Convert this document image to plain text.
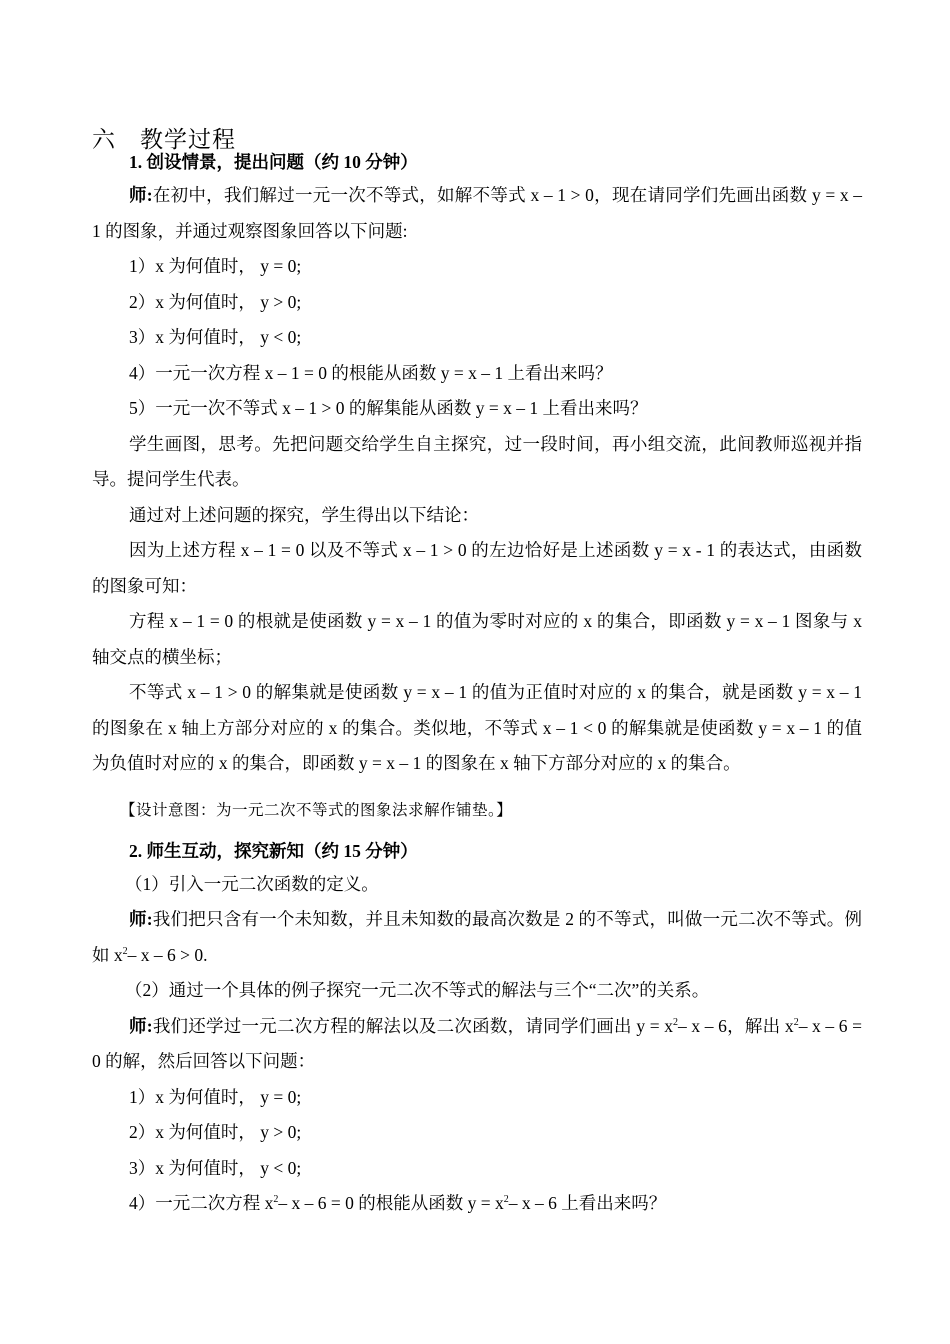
六　教学过程

1. 创设情景，提出问题（约 10 分钟）

师:在初中，我们解过一元一次不等式，如解不等式 x – 1 > 0，现在请同学们先画出函数 y = x – 1 的图象，并通过观察图象回答以下问题:

1）x 为何值时， y = 0;

2）x 为何值时， y > 0;

3）x 为何值时， y < 0;

4）一元一次方程 x – 1 = 0 的根能从函数 y = x – 1 上看出来吗？

5）一元一次不等式 x – 1 > 0 的解集能从函数 y = x – 1 上看出来吗？

学生画图，思考。先把问题交给学生自主探究，过一段时间，再小组交流，此间教师巡视并指导。提问学生代表。

通过对上述问题的探究，学生得出以下结论：

因为上述方程 x – 1 = 0 以及不等式 x – 1 > 0 的左边恰好是上述函数 y = x - 1 的表达式，由函数的图象可知：

方程 x – 1 = 0 的根就是使函数 y = x – 1 的值为零时对应的 x 的集合，即函数 y = x – 1 图象与 x 轴交点的横坐标；

不等式 x – 1 > 0 的解集就是使函数 y = x – 1 的值为正值时对应的 x 的集合，就是函数 y = x – 1 的图象在 x 轴上方部分对应的 x 的集合。类似地，不等式 x – 1 < 0 的解集就是使函数 y = x – 1 的值为负值时对应的 x 的集合，即函数 y = x – 1 的图象在 x 轴下方部分对应的 x 的集合。

【设计意图：为一元二次不等式的图象法求解作铺垫。】

2. 师生互动，探究新知（约 15 分钟）

（1）引入一元二次函数的定义。

师:我们把只含有一个未知数，并且未知数的最高次数是 2 的不等式，叫做一元二次不等式。例如 $x^2-$ x – 6 > 0.

（2）通过一个具体的例子探究一元二次不等式的解法与三个“二次”的关系。

师:我们还学过一元二次方程的解法以及二次函数，请同学们画出 $y = x^2-$ x – 6，解出 $x^2-$ x – 6 = 0 的解，然后回答以下问题：

1）x 为何值时， y = 0;

2）x 为何值时， y > 0;

3）x 为何值时， y < 0;

4）一元二次方程 $x^2-$ x – 6 = 0 的根能从函数 $y = x^2-$ x – 6 上看出来吗？
